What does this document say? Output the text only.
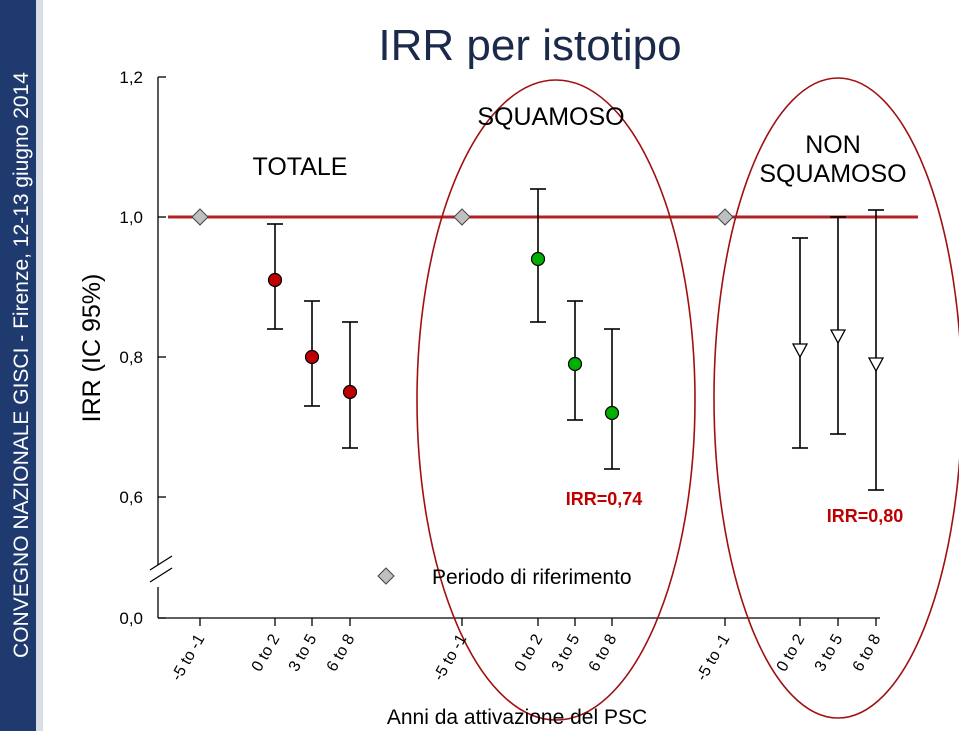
CONVEGNO NAZIONALE GISCI - Firenze, 12-13 giugno 2014
IRR per istotipo
IRR (IC 95%)
1,2
1,0
0,8
0,6
0,0
TOTALE
SQUAMOSO
NON
SQUAMOSO
IRR=0,74
IRR=0,80
-5 to -1	0 to 2 3 to 5 6 to 8	-5 to -1	0 to 2 3 to 5 6 to 8	-5 to -1	0 to 2 3 to 5 6 to 8
Periodo di riferimento
Anni da attivazione del PSC
